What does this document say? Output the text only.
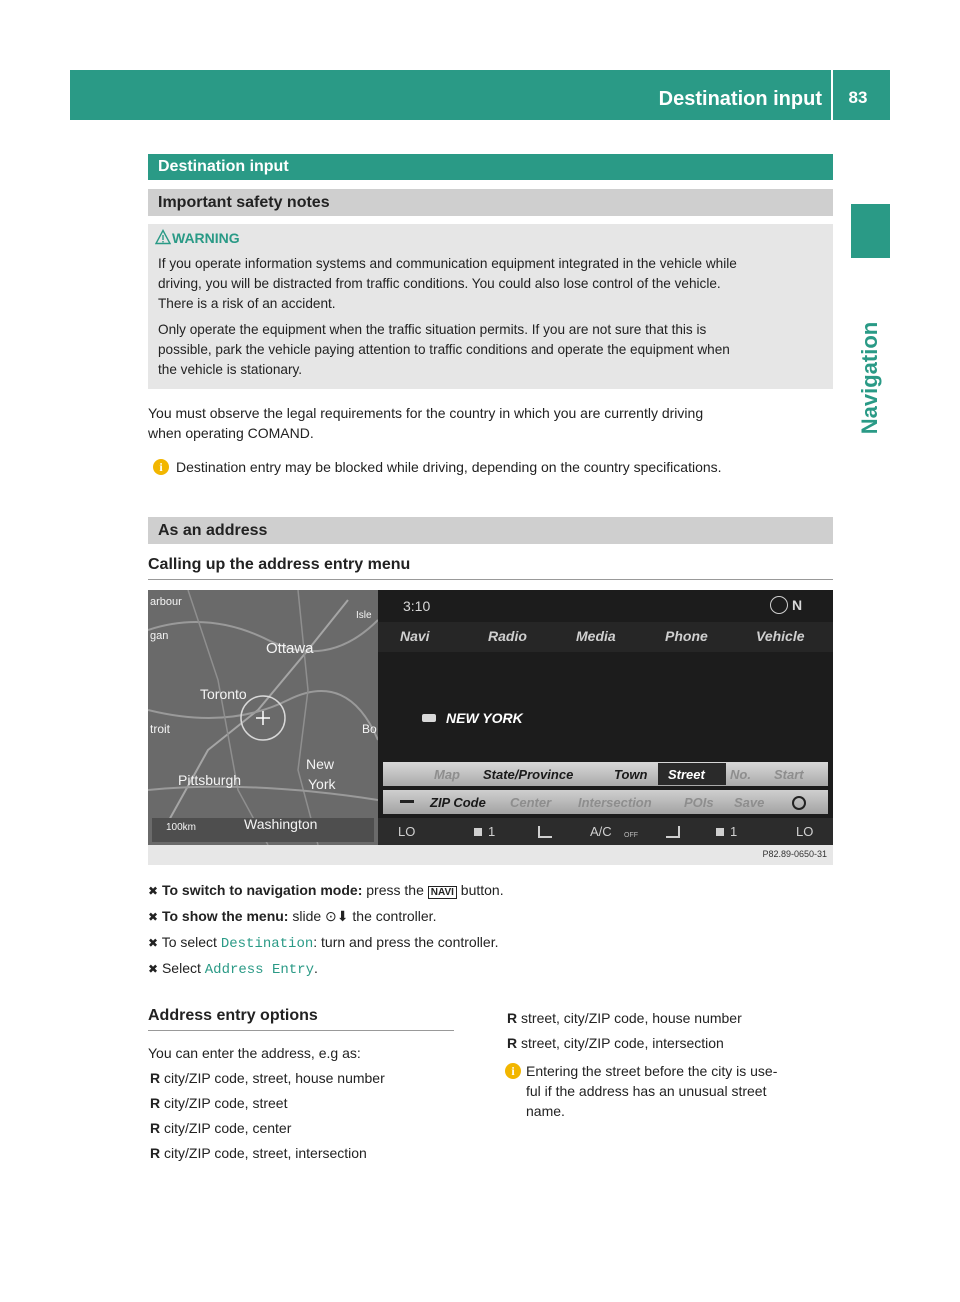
Destination input	83
Navigation
Destination input
Important safety notes
WARNING
If you operate information systems and communication equipment integrated in the vehicle while
driving, you will be distracted from traffic conditions. You could also lose control of the vehicle.
There is a risk of an accident.
Only operate the equipment when the traffic situation permits. If you are not sure that this is
possible, park the vehicle paying attention to traffic conditions and operate the equipment when
the vehicle is stationary.
You must observe the legal requirements for the country in which you are currently driving
when operating COMAND.
i Destination entry may be blocked while driving, depending on the country specifications.
As an address
Calling up the address entry menu
Ottawa
Toronto
Pittsburgh
New
York
Washington
100km
arbour
gan
troit	Bo
Isle
3:10	N
Navi	Radio	Media	Phone	Vehicle
NEW YORK
Map State/Province	Town Street No. Start
ZIP Code Center Intersection POIs Save
LO	1	A/C OFF	1	LO
P82.89-0650-31
✖ To switch to navigation mode: press the NAVI button.
✖ To show the menu: slide ⊙⬇ the controller.
✖ To select Destination: turn and press the controller.
✖ Select Address Entry.
Address entry options
You can enter the address, e.g as:
R city/ZIP code, street, house number
R city/ZIP code, street
R city/ZIP code, center
R city/ZIP code, street, intersection
R street, city/ZIP code, house number
R street, city/ZIP code, intersection
i Entering the street before the city is use-
ful if the address has an unusual street
name.
